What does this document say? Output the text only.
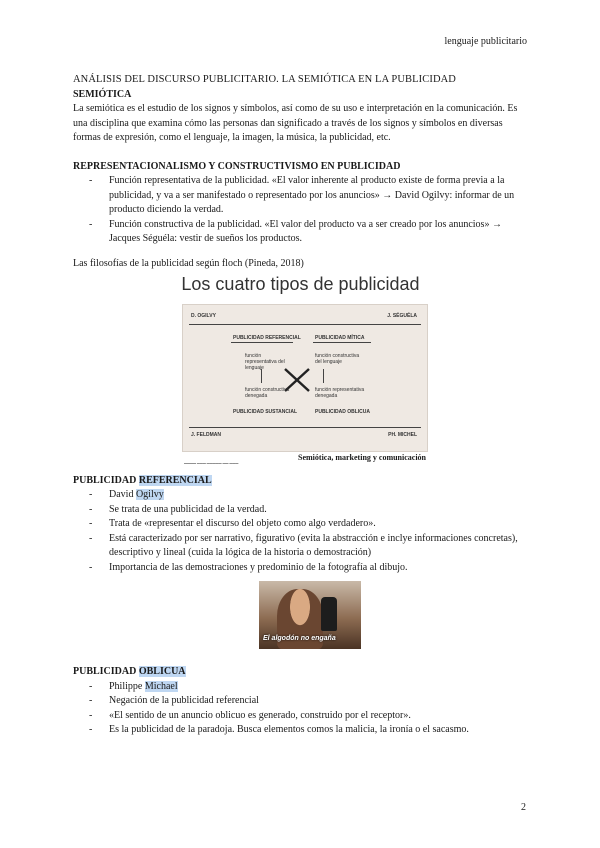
lenguaje publicitario
ANÁLISIS DEL DISCURSO PUBLICITARIO. LA SEMIÓTICA EN LA PUBLICIDAD
SEMIÓTICA
La semiótica es el estudio de los signos y símbolos, así como de su uso e interpretación en la comunicación. Es una disciplina que examina cómo las personas dan significado a través de los signos y símbolos en diversas formas de expresión, como el lenguaje, la imagen, la música, la publicidad, etc.
REPRESENTACIONALISMO Y CONSTRUCTIVISMO EN PUBLICIDAD
- Función representativa de la publicidad. «El valor inherente al producto existe de forma previa a la publicidad, y va a ser manifestado o representado por los anuncios» → David Ogilvy: informar de un producto diciendo la verdad.
- Función constructiva de la publicidad. «El valor del producto va a ser creado por los anuncios» → Jacques Séguéla: vestir de sueños los productos.
Las filosofías de la publicidad según floch (Pineda, 2018)
Los cuatro tipos de publicidad
D. OGILVY	J. SÉGUÉLA
PUBLICIDAD REFERENCIAL	PUBLICIDAD MÍTICA
función representativa del lenguaje
función constructiva del lenguaje
función constructiva denegada
función representativa denegada
PUBLICIDAD SUSTANCIAL	PUBLICIDAD OBLICUA
J. FELDMAN	PH. MICHEL
▬▬▬▬ ▬▬▬ ▬▬▬▬▬ ▬▬ ▬▬▬
Semiótica, marketing y comunicación
PUBLICIDAD REFERENCIAL
- David Ogilvy
- Se trata de una publicidad de la verdad.
- Trata de «representar el discurso del objeto como algo verdadero».
- Está caracterizado por ser narrativo, figurativo (evita la abstracción e inclye informaciones concretas), descriptivo y lineal (cuida la lógica de la historia o demostración)
- Importancia de las demostraciones y predominio de la fotografía al dibujo.
El algodón no engaña
PUBLICIDAD OBLICUA
- Philippe Michael
- Negación de la publicidad referencial
- «El sentido de un anuncio oblicuo es generado, construido por el receptor».
- Es la publicidad de la paradoja. Busca elementos comos la malicia, la ironía o el sacasmo.
2
